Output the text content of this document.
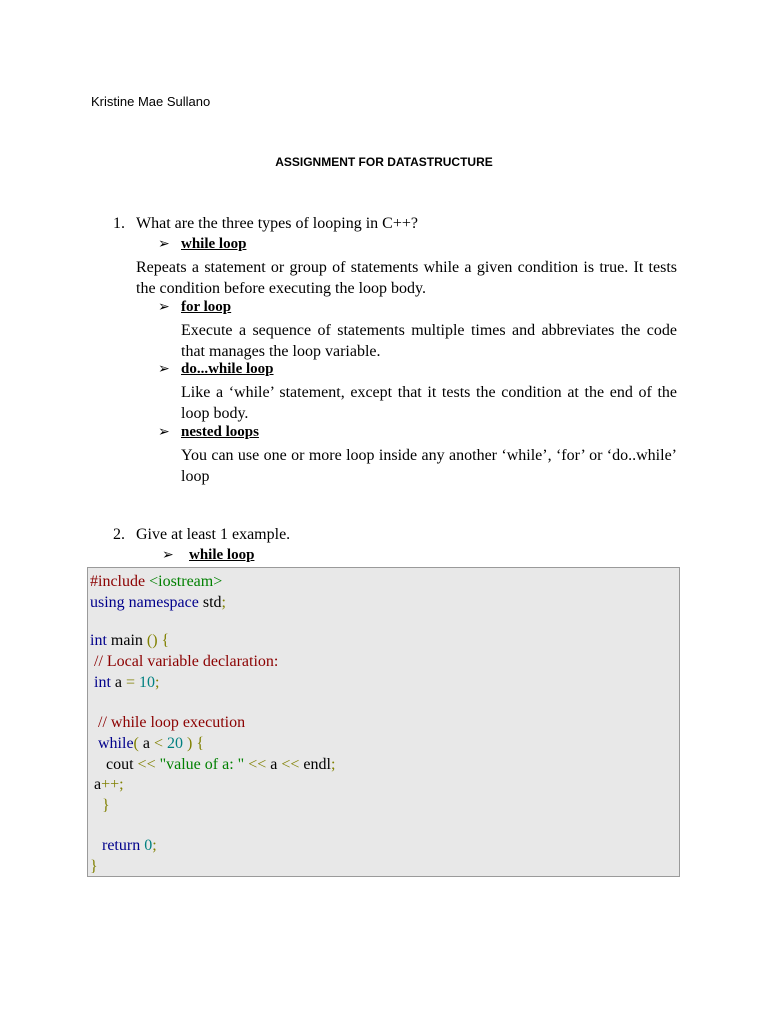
Kristine Mae Sullano
ASSIGNMENT FOR DATASTRUCTURE
1. What are the three types of looping in C++?
➢ while loop
Repeats a statement or group of statements while a given condition is true. It tests the condition before executing the loop body.
➢ for loop
Execute a sequence of statements multiple times and abbreviates the code that manages the loop variable.
➢ do...while loop
Like a ‘while’ statement, except that it tests the condition at the end of the loop body.
➢ nested loops
You can use one or more loop inside any another ‘while’, ‘for’ or ‘do..while’ loop
2. Give at least 1 example.
➢ while loop
#include <iostream>
using namespace std;
int main () {
// Local variable declaration:
int a = 10;
// while loop execution
while( a < 20 ) {
cout << "value of a: " << a << endl;
a++;
}
return 0;
}
